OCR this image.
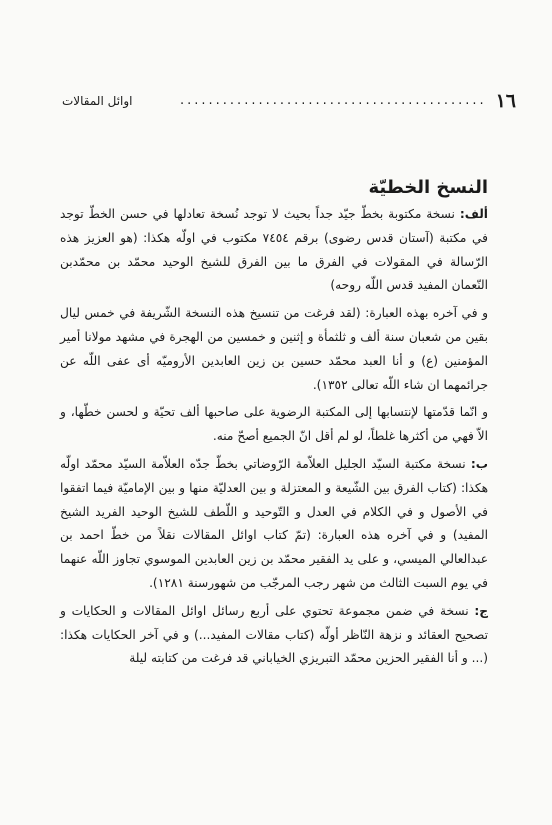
١٦
...........................................
اوائل المقالات
النسخ الخطيّة

ألف: نسخة مكتوبة بخطّ جيّد جداً بحيث لا توجد نُسخة تعادلها في حسن الخطّ توجد في مكتبة (آستان قدس رضوى) برقم ٧٤٥٤ مكتوب في اولّه هكذا: (هو العزيز هذه الرّسالة في المقولات في الفرق ما بين الفرق للشيخ الوحيد محمّد بن محمّدبن النّعمان المفيد قدس اللّه روحه)

و في آخره بهذه العبارة: (لقد فرغت من تنسيخ هذه النسخة الشّريفة في خمس ليال بقين من شعبان سنة ألف و ثلثمأة و إثنين و خمسين من الهجرة في مشهد مولانا أمير المؤمنين (ع) و أنا العبد محمّد حسين بن زين العابدين الأروميّه أى عفى اللّه عن جرائمهما ان شاء اللّه تعالى ١٣٥٢).

و انّما قدّمتها لإنتسابها إلى المكتبة الرضوية على صاحبها ألف تحيّة و لحسن خطّها، و الاّ فهي من أكثرها غلطاً، لو لم أقل انّ الجميع أصحّ منه.

ب: نسخة مكتبة السيّد الجليل العلاّمة الرّوضاتي بخطّ جدّه العلاّمة السيّد محمّد اولّه هكذا: (كتاب الفرق بين الشّيعة و المعتزلة و بين العدليّة منها و بين الإماميّة فيما اتفقوا في الأصول و في الكلام في العدل و التّوحيد و اللّطف للشيخ الوحيد الفريد الشيخ المفيد) و في آخره هذه العبارة: (تمّ كتاب اوائل المقالات نقلاً من خطّ احمد بن عبدالعالي الميسي، و على يد الفقير محمّد بن زين العابدين الموسوي تجاوز اللّه عنهما في يوم السبت الثالث من شهر رجب المرجّب من شهورسنة ١٢٨١).

ج: نسخة في ضمن مجموعة تحتوي على أربع رسائل اوائل المقالات و الحكايات و تصحيح العقائد و نزهة النّاظر أولّه (كتاب مقالات المفيد...) و في آخر الحكايات هكذا: (... و أنا الفقير الحزين محمّد التبريزي الخياباني قد فرغت من كتابته ليلة
